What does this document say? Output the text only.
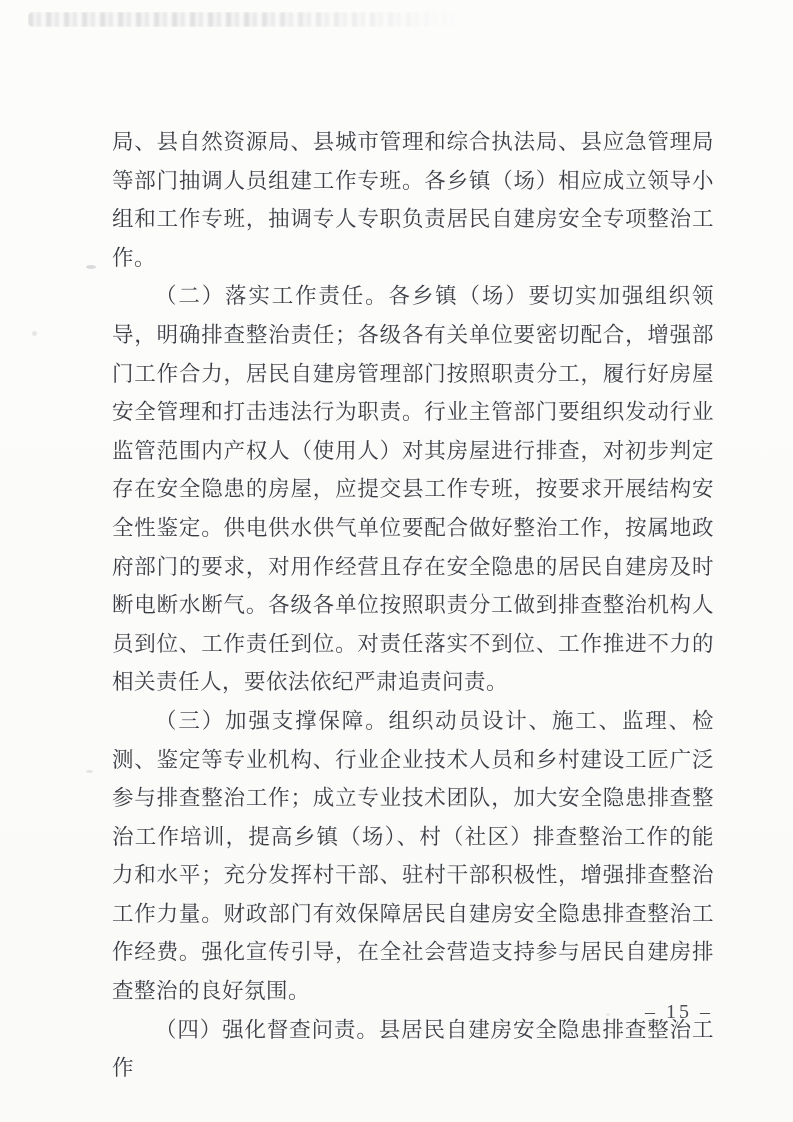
局、县自然资源局、县城市管理和综合执法局、县应急管理局等部门抽调人员组建工作专班。各乡镇（场）相应成立领导小组和工作专班，抽调专人专职负责居民自建房安全专项整治工作。

（二）落实工作责任。各乡镇（场）要切实加强组织领导，明确排查整治责任；各级各有关单位要密切配合，增强部门工作合力，居民自建房管理部门按照职责分工，履行好房屋安全管理和打击违法行为职责。行业主管部门要组织发动行业监管范围内产权人（使用人）对其房屋进行排查，对初步判定存在安全隐患的房屋，应提交县工作专班，按要求开展结构安全性鉴定。供电供水供气单位要配合做好整治工作，按属地政府部门的要求，对用作经营且存在安全隐患的居民自建房及时断电断水断气。各级各单位按照职责分工做到排查整治机构人员到位、工作责任到位。对责任落实不到位、工作推进不力的相关责任人，要依法依纪严肃追责问责。

（三）加强支撑保障。组织动员设计、施工、监理、检测、鉴定等专业机构、行业企业技术人员和乡村建设工匠广泛参与排查整治工作；成立专业技术团队，加大安全隐患排查整治工作培训，提高乡镇（场）、村（社区）排查整治工作的能力和水平；充分发挥村干部、驻村干部积极性，增强排查整治工作力量。财政部门有效保障居民自建房安全隐患排查整治工作经费。强化宣传引导，在全社会营造支持参与居民自建房排查整治的良好氛围。

（四）强化督查问责。县居民自建房安全隐患排查整治工作

– 15 –
